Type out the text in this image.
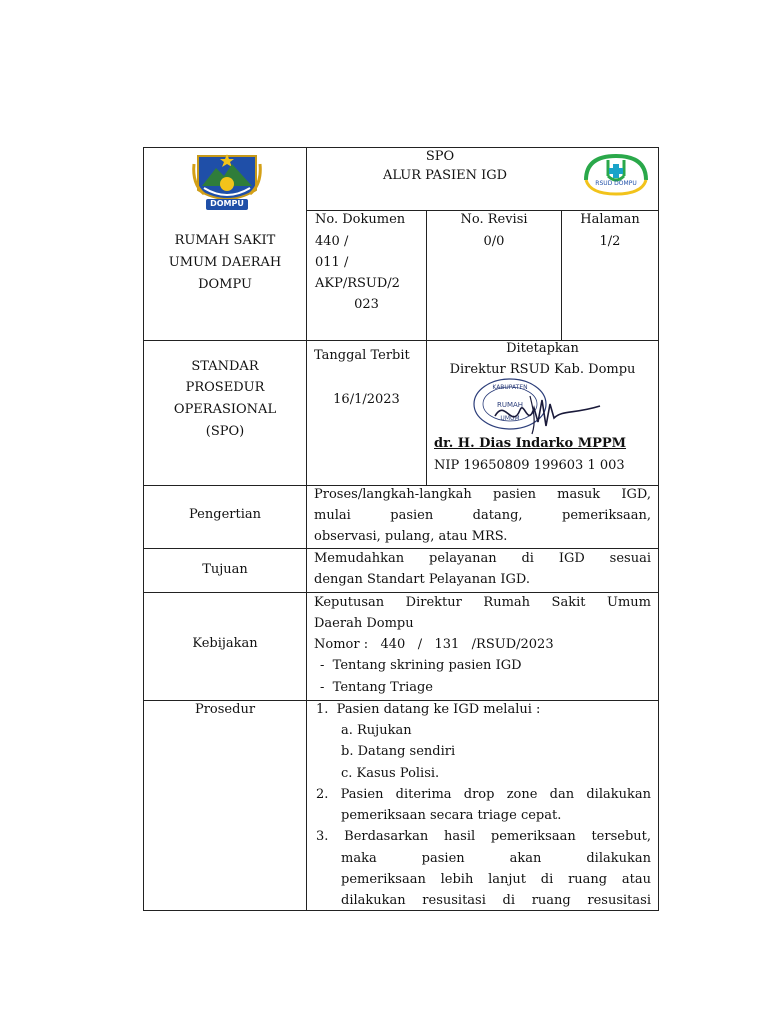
DOMPU
RSUD DOMPU
SPO
ALUR PASIEN IGD
RUMAH SAKIT
UMUM DAERAH
DOMPU
No. Dokumen
440 /
011 /
AKP/RSUD/2
023
No. Revisi
0/0
Halaman
1/2
STANDAR
PROSEDUR
OPERASIONAL
(SPO)
Tanggal Terbit
16/1/2023
Ditetapkan
Direktur RSUD Kab. Dompu
KABUPATEN
RUMAH
UMUM
dr. H. Dias Indarko MPPM
NIP 19650809 199603 1 003
Pengertian
Proses/langkah-langkah pasien masuk IGD,
mulai pasien datang, pemeriksaan,
observasi, pulang, atau MRS.
Tujuan
Memudahkan pelayanan di IGD sesuai
dengan Standart Pelayanan IGD.
Kebijakan
Keputusan Direktur Rumah Sakit Umum
Daerah Dompu
Nomor :   440   /   131   /RSUD/2023
-  Tentang skrining pasien IGD
-  Tentang Triage
Prosedur	1.  Pasien datang ke IGD melalui :
a. Rujukan
b. Datang sendiri
c. Kasus Polisi.
2. Pasien diterima drop zone dan dilakukan
pemeriksaan secara triage cepat.
3. Berdasarkan hasil pemeriksaan tersebut,
maka pasien akan dilakukan
pemeriksaan lebih lanjut di ruang atau
dilakukan resusitasi di ruang resusitasi
